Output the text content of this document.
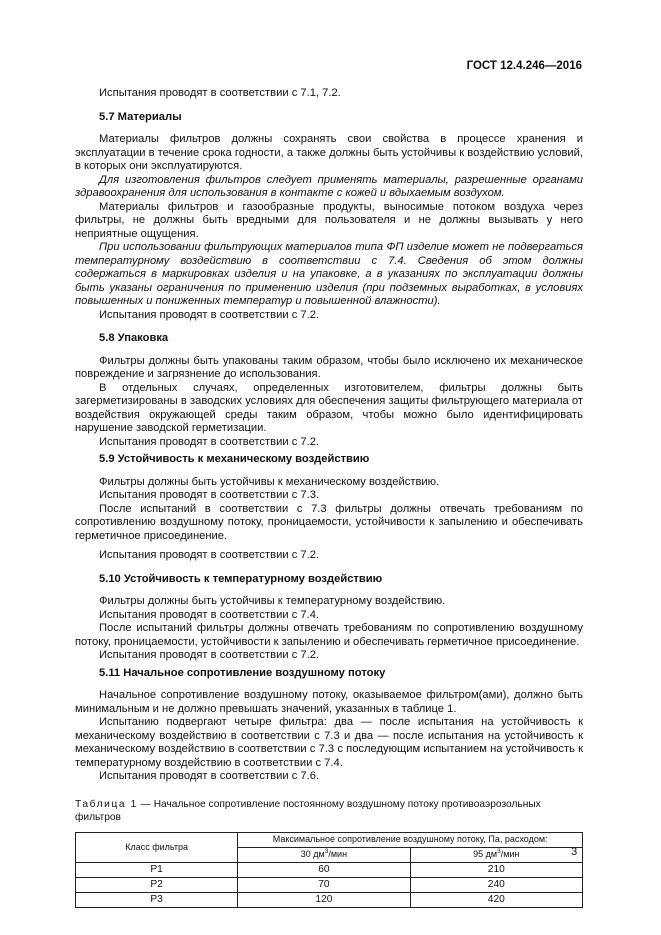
ГОСТ 12.4.246—2016

Испытания проводят в соответствии с 7.1, 7.2.

5.7 Материалы

Материалы фильтров должны сохранять свои свойства в процессе хранения и эксплуатации в течение срока годности, а также должны быть устойчивы к воздействию условий, в которых они эксплуатируются.

Для изготовления фильтров следует применять материалы, разрешенные органами здравоохранения для использования в контакте с кожей и вдыхаемым воздухом.

Материалы фильтров и газообразные продукты, выносимые потоком воздуха через фильтры, не должны быть вредными для пользователя и не должны вызывать у него неприятные ощущения.

При использовании фильтрующих материалов типа ФП изделие может не подвергаться температурному воздействию в соответствии с 7.4. Сведения об этом должны содержаться в маркировках изделия и на упаковке, а в указаниях по эксплуатации должны быть указаны ограничения по применению изделия (при подземных выработках, в условиях повышенных и пониженных температур и повышенной влажности).

Испытания проводят в соответствии с 7.2.

5.8 Упаковка

Фильтры должны быть упакованы таким образом, чтобы было исключено их механическое повреждение и загрязнение до использования.

В отдельных случаях, определенных изготовителем, фильтры должны быть загерметизированы в заводских условиях для обеспечения защиты фильтрующего материала от воздействия окружающей среды таким образом, чтобы можно было идентифицировать нарушение заводской герметизации.

Испытания проводят в соответствии с 7.2.

5.9 Устойчивость к механическому воздействию

Фильтры должны быть устойчивы к механическому воздействию.

Испытания проводят в соответствии с 7.3.

После испытаний в соответствии с 7.3 фильтры должны отвечать требованиям по сопротивлению воздушному потоку, проницаемости, устойчивости к запылению и обеспечивать герметичное присоединение.

Испытания проводят в соответствии с 7.2.

5.10 Устойчивость к температурному воздействию

Фильтры должны быть устойчивы к температурному воздействию.

Испытания проводят в соответствии с 7.4.

После испытаний фильтры должны отвечать требованиям по сопротивлению воздушному потоку, проницаемости, устойчивости к запылению и обеспечивать герметичное присоединение.

Испытания проводят в соответствии с 7.2.

5.11 Начальное сопротивление воздушному потоку

Начальное сопротивление воздушному потоку, оказываемое фильтром(ами), должно быть минимальным и не должно превышать значений, указанных в таблице 1.

Испытанию подвергают четыре фильтра: два — после испытания на устойчивость к механическому воздействию в соответствии с 7.3 и два — после испытания на устойчивость к механическому воздействию в соответствии с 7.3 с последующим испытанием на устойчивость к температурному воздействию в соответствии с 7.4.

Испытания проводят в соответствии с 7.6.

Таблица 1 — Начальное сопротивление постоянному воздушному потоку противоаэрозольных фильтров
Класс фильтра	Максимальное сопротивление воздушному потоку, Па, расходом:	
	30 $дм^3$/мин	95 $дм^3$/мин
Р1	60	210
Р2	70	240
Р3	120	420
3
